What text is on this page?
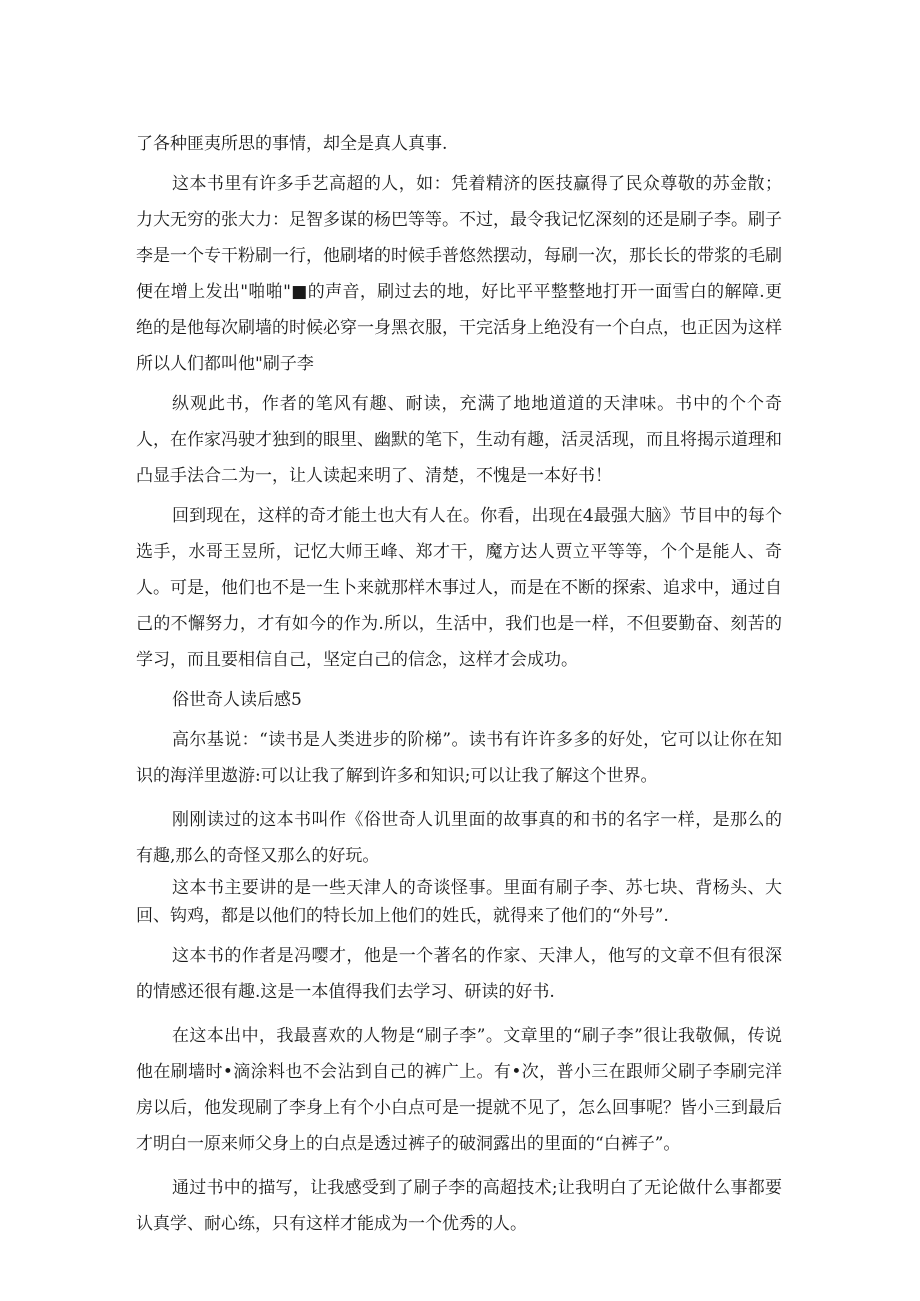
了各种匪夷所思的事情，却全是真人真事.

这本书里有许多手艺高超的人，如：凭着精济的医技赢得了民众尊敬的苏金散；力大无穷的张大力：足智多谋的杨巴等等。不过，最令我记忆深刻的还是刷子李。刷子李是一个专干粉刷一行，他刷堵的时候手普悠然摆动，每刷一次，那长长的带浆的毛刷便在增上发出"啪啪"■的声音，刷过去的地，好比平平整整地打开一面雪白的解障.更绝的是他每次刷墙的时候必穿一身黑衣服，干完活身上绝没有一个白点，也正因为这样所以人们都叫他"刷子李

纵观此书，作者的笔风有趣、耐读，充满了地地道道的天津味。书中的个个奇人，在作家冯驶才独到的眼里、幽默的笔下，生动有趣，活灵活现，而且将揭示道理和凸显手法合二为一，让人读起来明了、清楚，不愧是一本好书！

回到现在，这样的奇才能土也大有人在。你看，出现在4最强大脑》节目中的每个选手，水哥王昱所，记忆大师王峰、郑才干，魔方达人贾立平等等，个个是能人、奇人。可是，他们也不是一生卜来就那样木事过人，而是在不断的探索、追求中，通过自己的不懈努力，才有如今的作为.所以，生活中，我们也是一样，不但要勤奋、刻苦的学习，而且要相信自己，坚定白己的信念，这样才会成功。

俗世奇人读后感5

高尔基说：“读书是人类进步的阶梯”。读书有许许多多的好处，它可以让你在知识的海洋里遨游:可以让我了解到许多和知识;可以让我了解这个世界。

刚刚读过的这本书叫作《俗世奇人讥里面的故事真的和书的名字一样，是那么的有趣,那么的奇怪又那么的好玩。

这本书主要讲的是一些天津人的奇谈怪事。里面有刷子李、苏七块、背杨头、大回、钩鸡，都是以他们的特长加上他们的姓氏，就得来了他们的“外号”.

这本书的作者是冯嘤才，他是一个著名的作家、天津人，他写的文章不但有很深的情感还很有趣.这是一本值得我们去学习、研读的好书.

在这本出中，我最喜欢的人物是“刷子李”。文章里的“刷子李”很让我敬佩，传说他在刷墙时•滴涂料也不会沾到自己的裤广上。有•次，普小三在跟师父刷子李刷完洋房以后，他发现刷了李身上有个小白点可是一提就不见了，怎么回事呢？皆小三到最后才明白一原来师父身上的白点是透过裤子的破洞露出的里面的“白裤子”。

通过书中的描写，让我感受到了刷子李的高超技术;让我明白了无论做什么事都要认真学、耐心练，只有这样才能成为一个优秀的人。
